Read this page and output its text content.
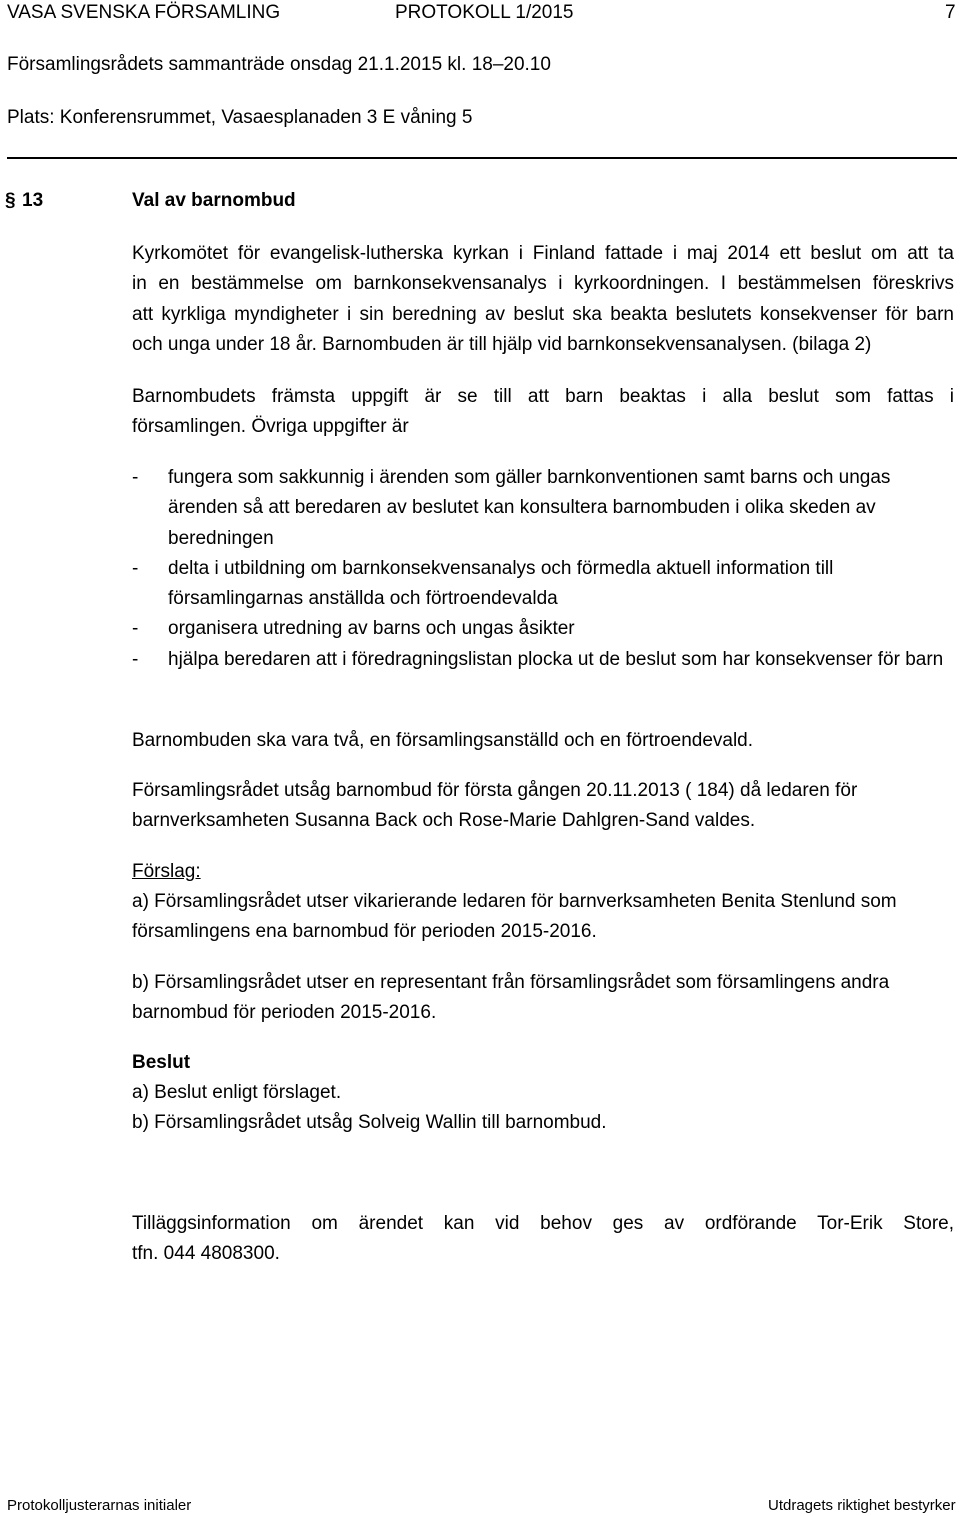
VASA SVENSKA FÖRSAMLING	PROTOKOLL 1/2015	7
Församlingsrådets sammanträde onsdag 21.1.2015 kl. 18–20.10
Plats: Konferensrummet, Vasaesplanaden 3 E våning 5
§ 13	Val av barnombud
Kyrkomötet för evangelisk-lutherska kyrkan i Finland fattade i maj 2014 ett beslut om att ta
in en bestämmelse om barnkonsekvensanalys i kyrkoordningen. I bestämmelsen föreskrivs
att kyrkliga myndigheter i sin beredning av beslut ska beakta beslutets konsekvenser för barn
och unga under 18 år. Barnombuden är till hjälp vid barnkonsekvensanalysen. (bilaga 2)
Barnombudets främsta uppgift är se till att barn beaktas i alla beslut som fattas i
församlingen. Övriga uppgifter är
- fungera som sakkunnig i ärenden som gäller barnkonventionen samt barns och ungas ärenden så att beredaren av beslutet kan konsultera barnombuden i olika skeden av beredningen
- delta i utbildning om barnkonsekvensanalys och förmedla aktuell information till församlingarnas anställda och förtroendevalda
- organisera utredning av barns och ungas åsikter
- hjälpa beredaren att i föredragningslistan plocka ut de beslut som har konsekvenser för barn
Barnombuden ska vara två, en församlingsanställd och en förtroendevald.
Församlingsrådet utsåg barnombud för första gången 20.11.2013 ( 184) då ledaren för
barnverksamheten Susanna Back och Rose-Marie Dahlgren-Sand valdes.
Förslag:
a) Församlingsrådet utser vikarierande ledaren för barnverksamheten Benita Stenlund som
församlingens ena barnombud för perioden 2015-2016.
b) Församlingsrådet utser en representant från församlingsrådet som församlingens andra
barnombud för perioden 2015-2016.
Beslut
a) Beslut enligt förslaget.
b) Församlingsrådet utsåg Solveig Wallin till barnombud.
Tilläggsinformation om ärendet kan vid behov ges av ordförande Tor-Erik Store,
tfn. 044 4808300.
Protokolljusterarnas initialer	Utdragets riktighet bestyrker
